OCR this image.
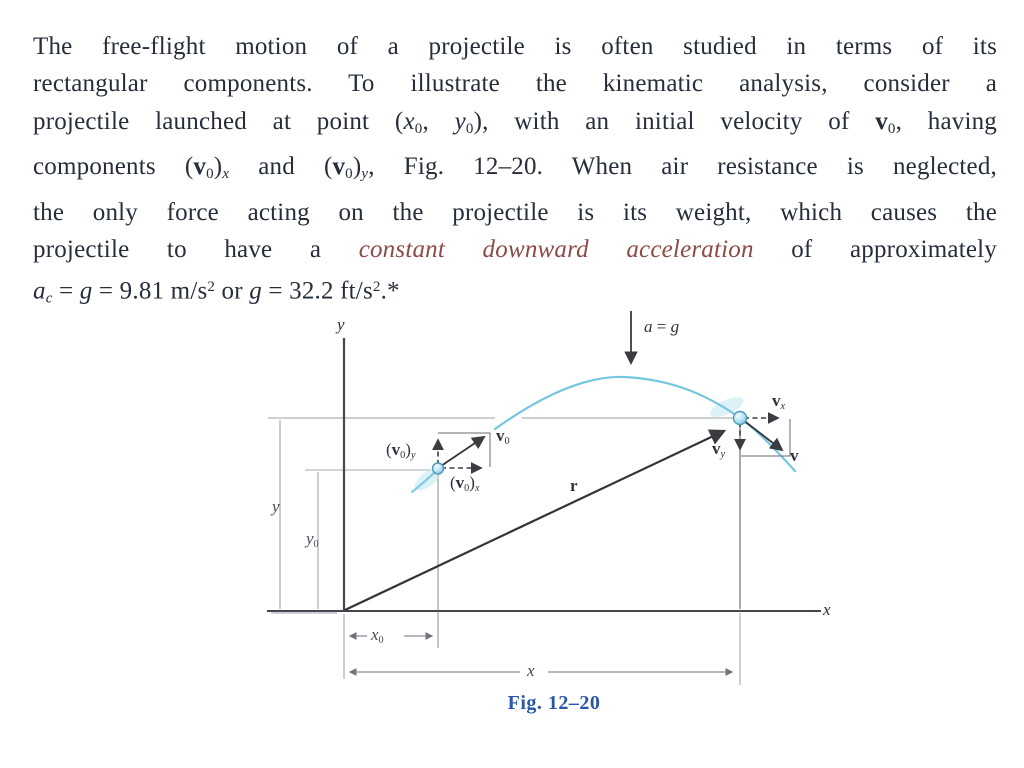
The free-flight motion of a projectile is often studied in terms of its
rectangular components. To illustrate the kinematic analysis, consider a
projectile launched at point (x0, y0), with an initial velocity of v0, having
components (v0)x and (v0)y, Fig. 12–20. When air resistance is neglected,
the only force acting on the projectile is its weight, which causes the
projectile to have a constant downward acceleration of approximately
ac = g = 9.81 $m/s^2$ or g = 32.2 $ft/s^2.*$
y
x
a = g
v0
(v0)y
(v0)x
vx
vy	v
r
y
y0
x0
x
Fig. 12–20
